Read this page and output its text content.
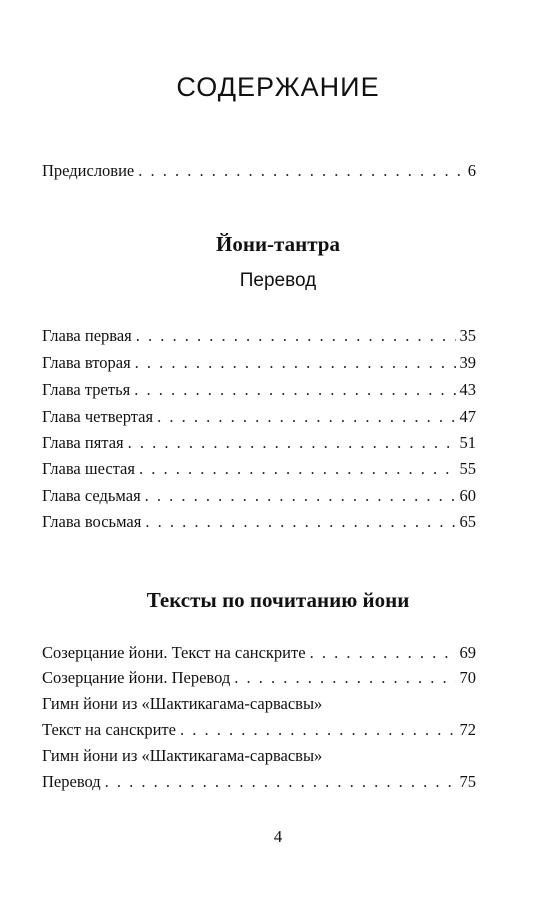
СОДЕРЖАНИЕ
Предисловие . . .	6
Йони-тантра
Перевод
Глава первая . . .	35
Глава вторая . . .	39
Глава третья . . .	43
Глава четвертая . . .	47
Глава пятая . . .	51
Глава шестая . . .	55
Глава седьмая . . .	60
Глава восьмая . . .	65
Тексты по почитанию йони
Созерцание йони. Текст на санскрите . . .	69
Созерцание йони. Перевод . . .	70
Гимн йони из «Шактикагама-сарвасвы»
Текст на санскрите . . .	72
Гимн йони из «Шактикагама-сарвасвы»
Перевод . . .	75
4
